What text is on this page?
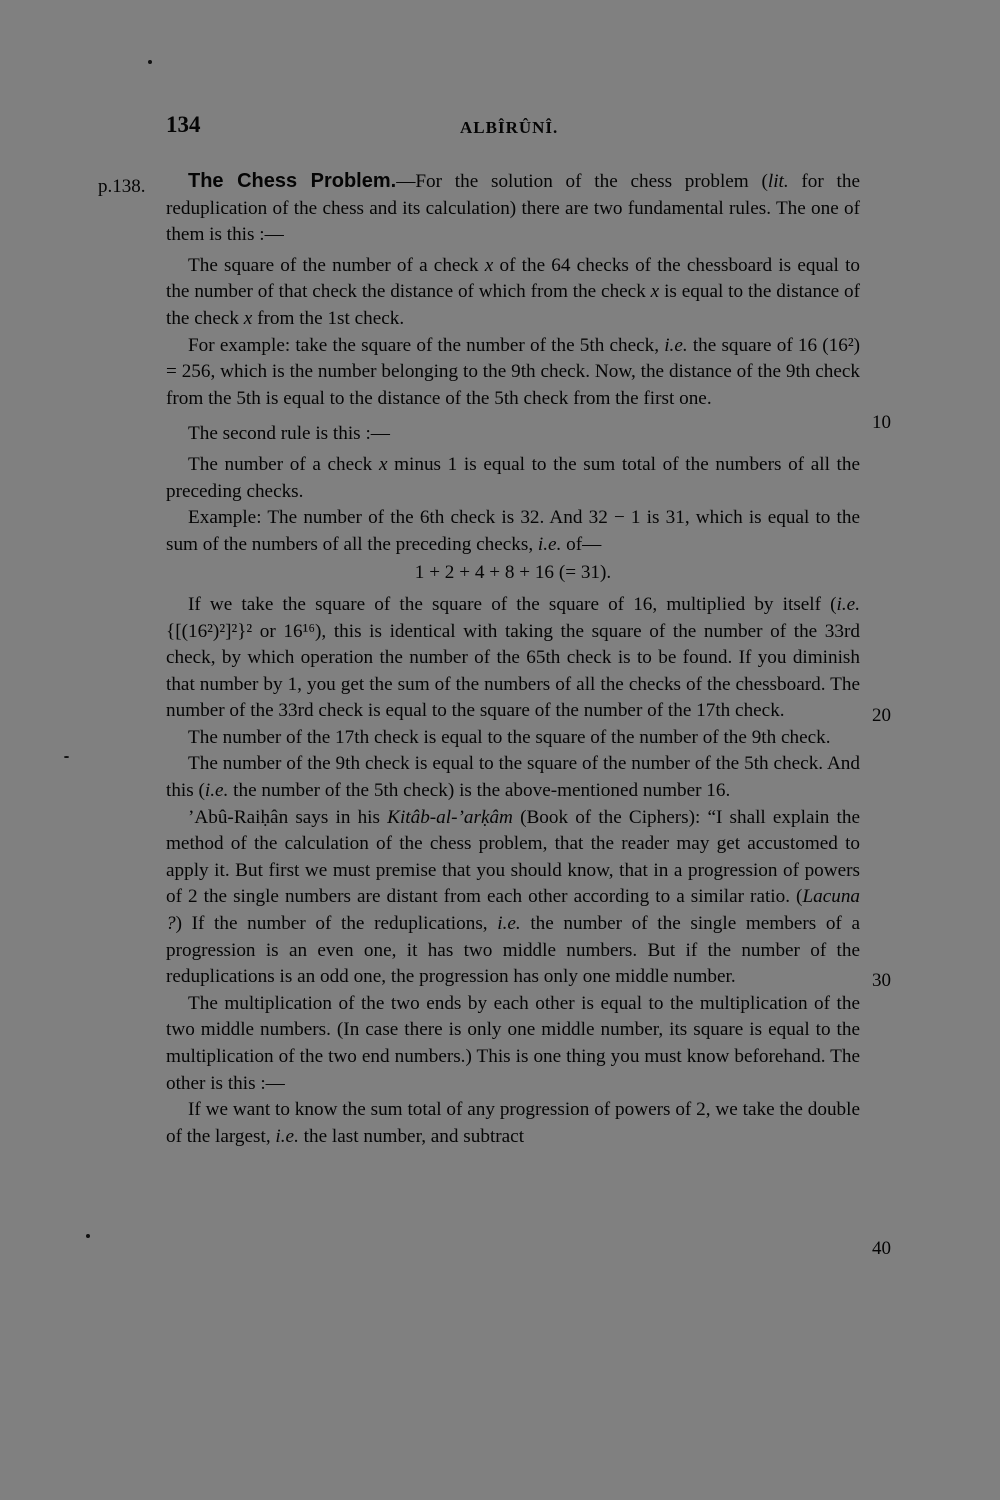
134	ALBÎRÛNÎ.
p.138.
10
20
30
40

The Chess Problem.—For the solution of the chess problem (lit. for the reduplication of the chess and its calculation) there are two fundamental rules. The one of them is this :—

The square of the number of a check x of the 64 checks of the chessboard is equal to the number of that check the distance of which from the check x is equal to the distance of the check x from the 1st check.

For example: take the square of the number of the 5th check, i.e. the square of 16 (16²) = 256, which is the number belonging to the 9th check. Now, the distance of the 9th check from the 5th is equal to the distance of the 5th check from the first one.

The second rule is this :—

The number of a check x minus 1 is equal to the sum total of the numbers of all the preceding checks.

Example: The number of the 6th check is 32. And 32 − 1 is 31, which is equal to the sum of the numbers of all the preceding checks, i.e. of—

1 + 2 + 4 + 8 + 16 (= 31).

If we take the square of the square of the square of 16, multiplied by itself (i.e. {[(16²)²]²}² or 16¹⁶), this is identical with taking the square of the number of the 33rd check, by which operation the number of the 65th check is to be found. If you diminish that number by 1, you get the sum of the numbers of all the checks of the chessboard. The number of the 33rd check is equal to the square of the number of the 17th check.

The number of the 17th check is equal to the square of the number of the 9th check.

The number of the 9th check is equal to the square of the number of the 5th check. And this (i.e. the number of the 5th check) is the above-mentioned number 16.

’Abû-Raiḥân says in his Kitâb-al-’arḳâm (Book of the Ciphers): “I shall explain the method of the calculation of the chess problem, that the reader may get accustomed to apply it. But first we must premise that you should know, that in a progression of powers of 2 the single numbers are distant from each other according to a similar ratio. (Lacuna ?) If the number of the reduplications, i.e. the number of the single members of a progression is an even one, it has two middle numbers. But if the number of the reduplications is an odd one, the progression has only one middle number.

The multiplication of the two ends by each other is equal to the multiplication of the two middle numbers. (In case there is only one middle number, its square is equal to the multiplication of the two end numbers.) This is one thing you must know beforehand. The other is this :—

If we want to know the sum total of any progression of powers of 2, we take the double of the largest, i.e. the last number, and subtract
